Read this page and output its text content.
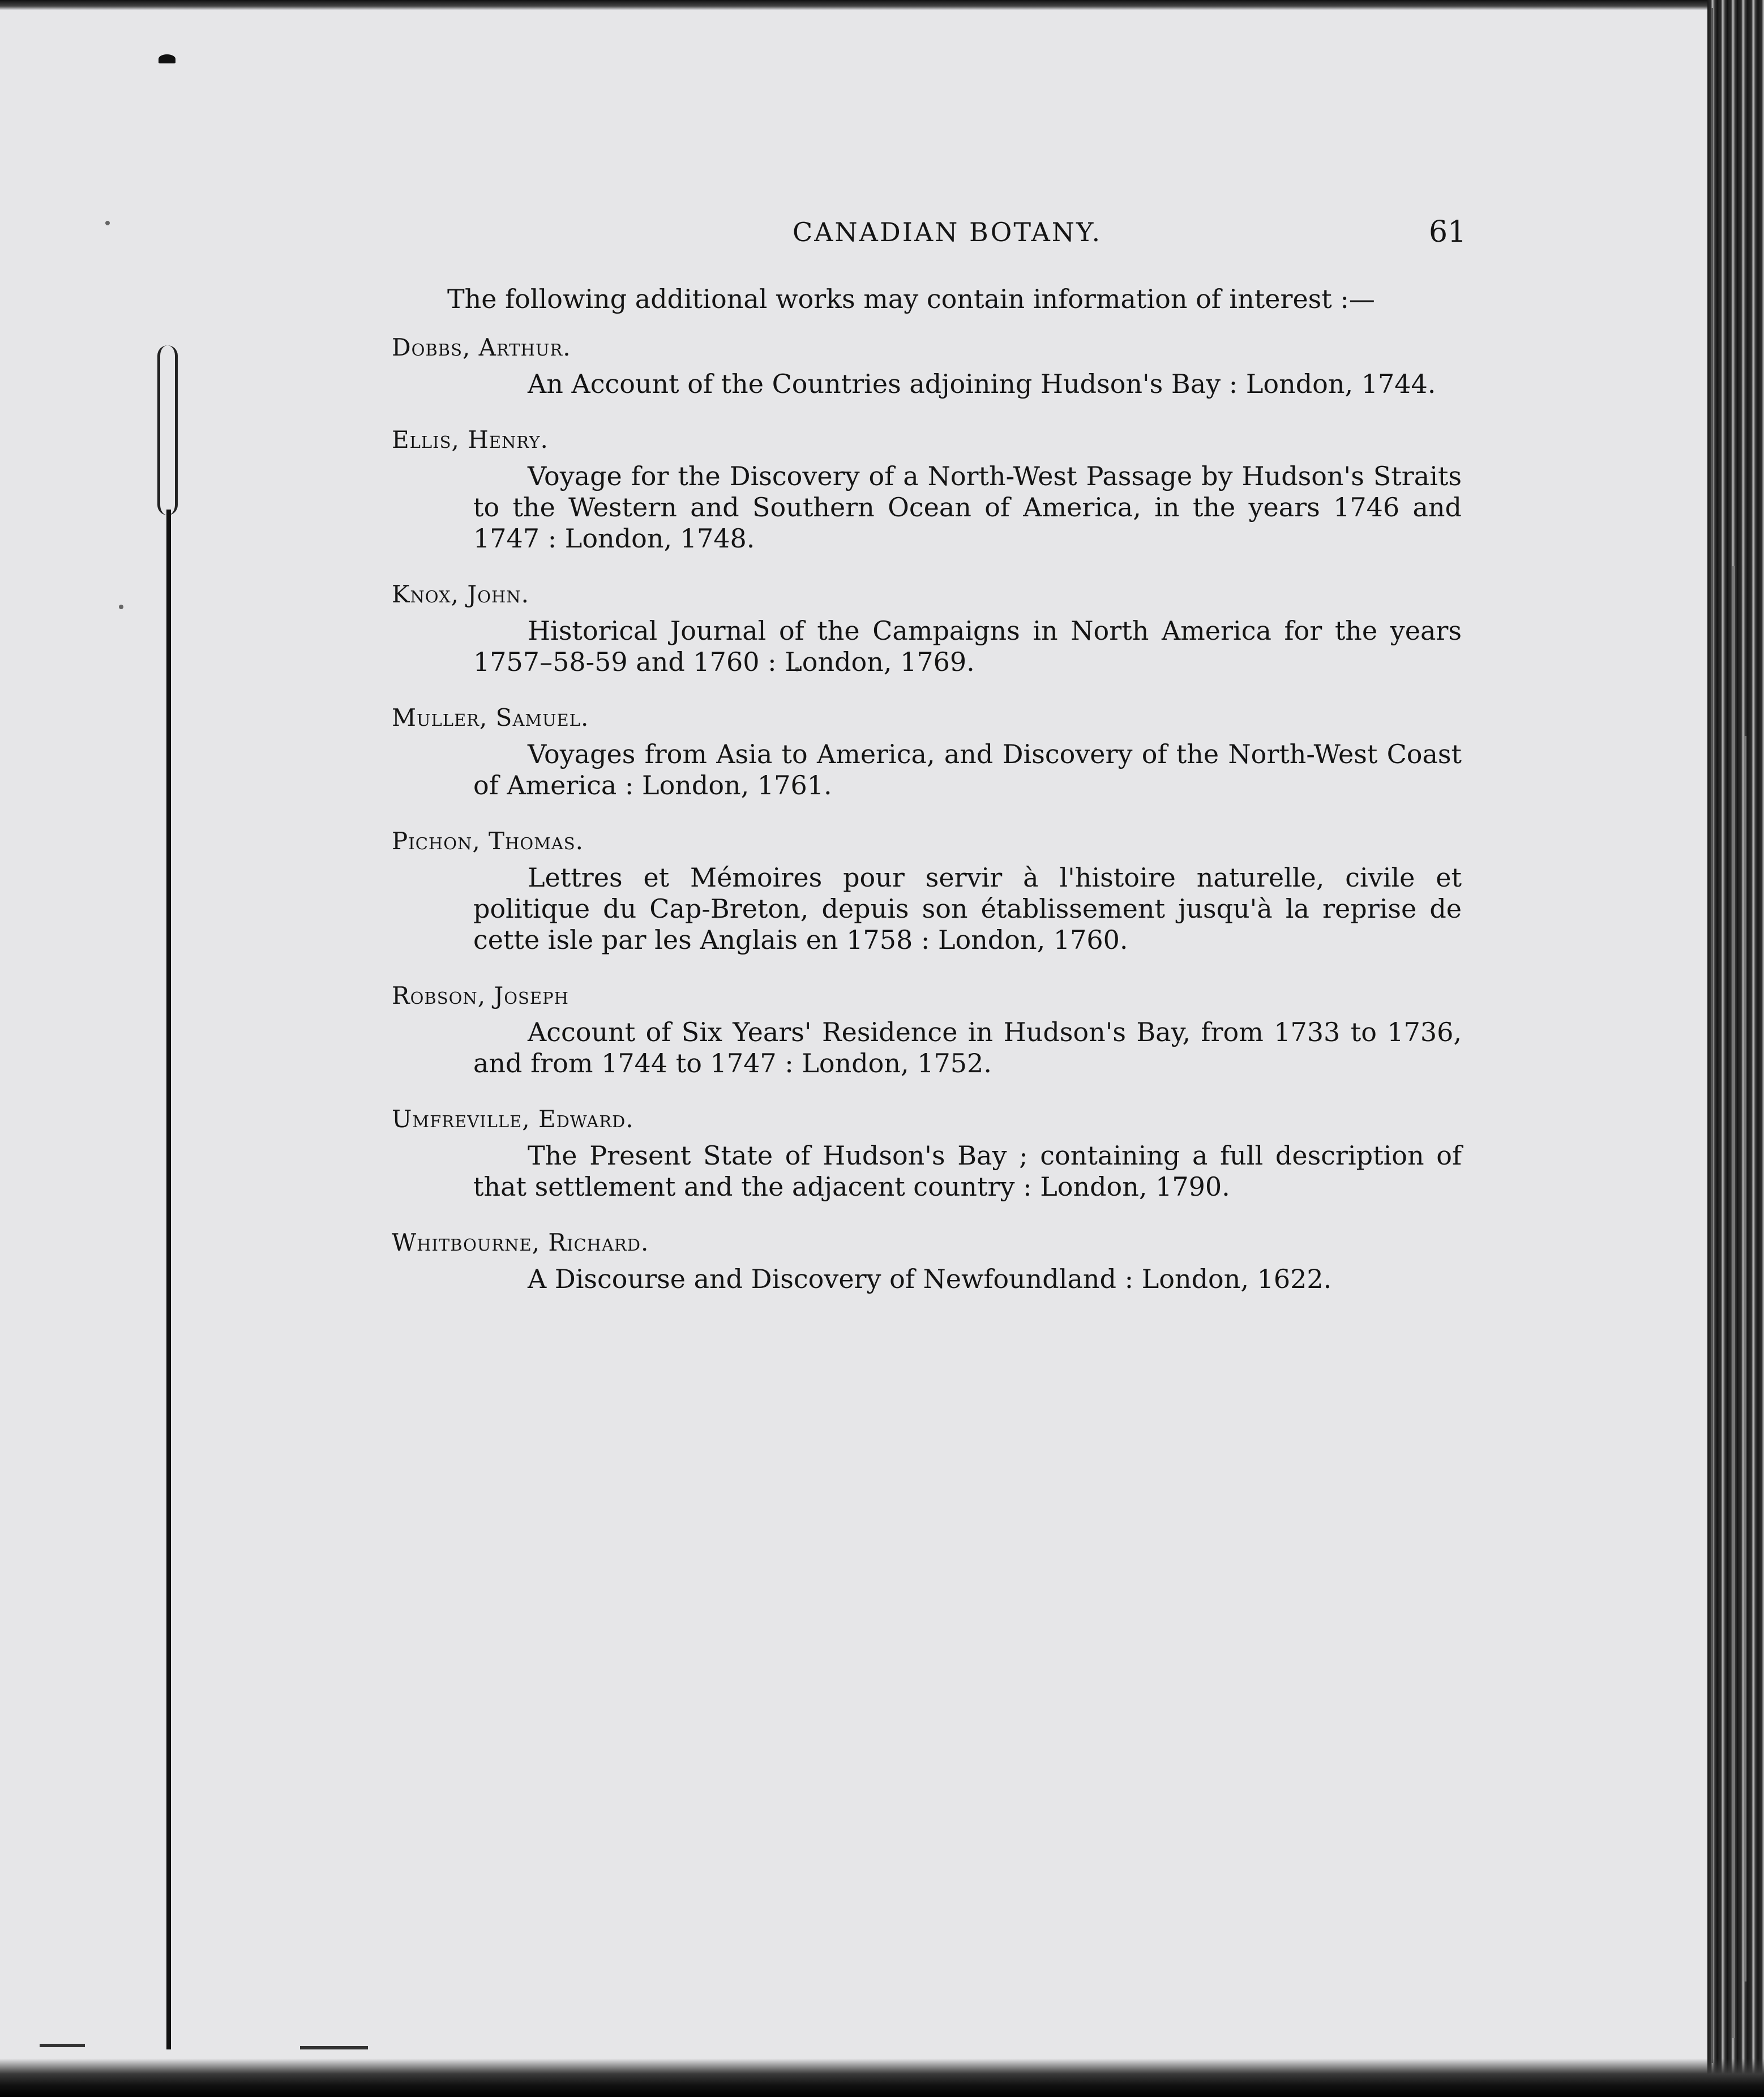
CANADIAN BOTANY.	61
The following additional works may contain information of interest :—
Dobbs, Arthur.
An Account of the Countries adjoining Hudson's Bay : London, 1744.
Ellis, Henry.
Voyage for the Discovery of a North-West Passage by Hudson's Straits to the Western and Southern Ocean of America, in the years 1746 and 1747 : London, 1748.
Knox, John.
Historical Journal of the Campaigns in North America for the years 1757–58-59 and 1760 : London, 1769.
Muller, Samuel.
Voyages from Asia to America, and Discovery of the North-West Coast of America : London, 1761.
Pichon, Thomas.
Lettres et Mémoires pour servir à l'histoire naturelle, civile et politique du Cap-Breton, depuis son établissement jusqu'à la reprise de cette isle par les Anglais en 1758 : London, 1760.
Robson, Joseph
Account of Six Years' Residence in Hudson's Bay, from 1733 to 1736, and from 1744 to 1747 : London, 1752.
Umfreville, Edward.
The Present State of Hudson's Bay ; containing a full description of that settlement and the adjacent country : London, 1790.
Whitbourne, Richard.
A Discourse and Discovery of Newfoundland : London, 1622.
